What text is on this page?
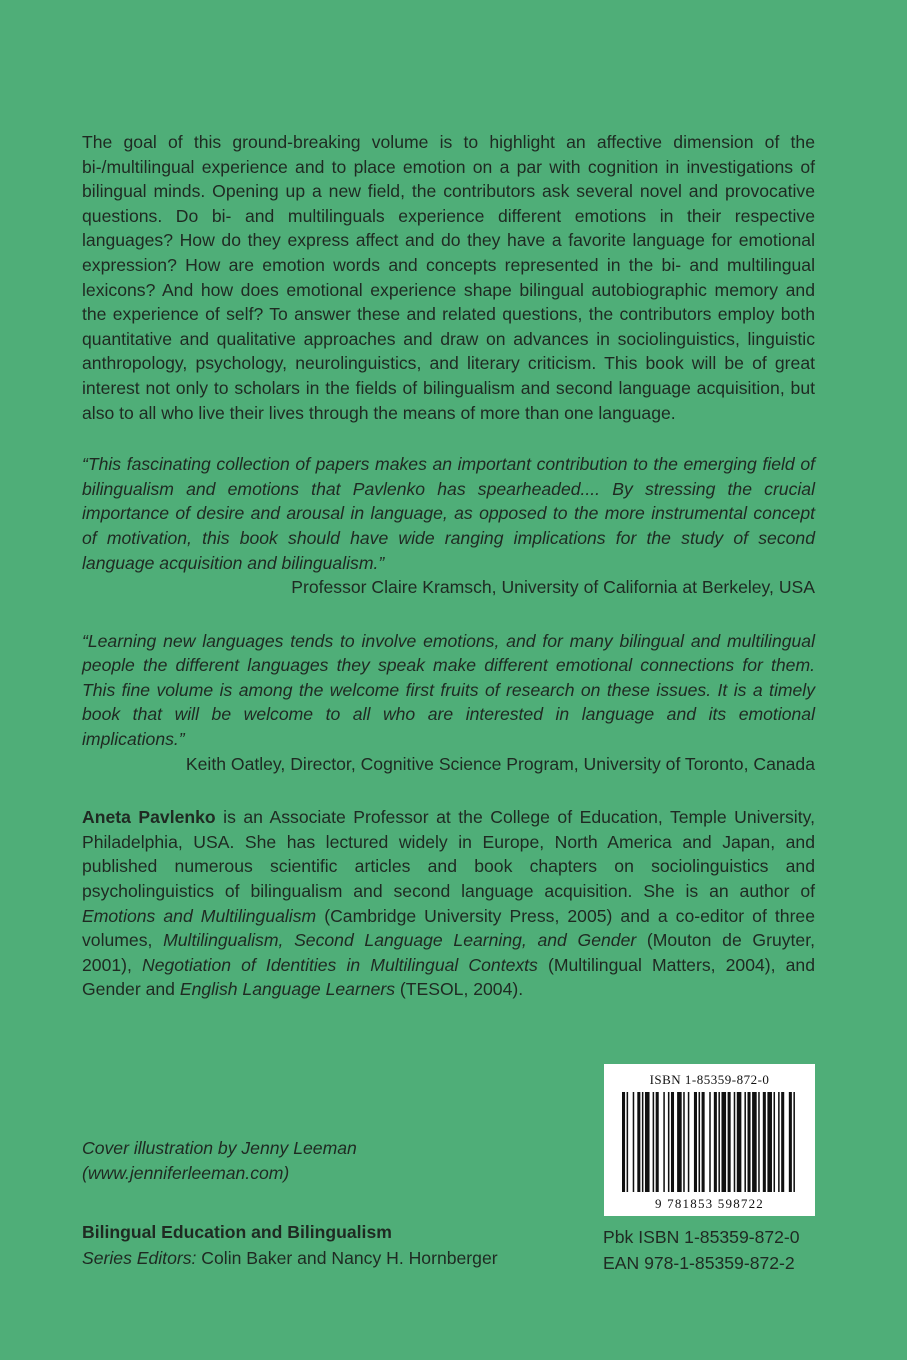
The goal of this ground-breaking volume is to highlight an affective dimension of the bi-/multilingual experience and to place emotion on a par with cognition in investigations of bilingual minds. Opening up a new field, the contributors ask several novel and provocative questions. Do bi- and multilinguals experience different emotions in their respective languages? How do they express affect and do they have a favorite language for emotional expression? How are emotion words and concepts represented in the bi- and multilingual lexicons? And how does emotional experience shape bilingual autobiographic memory and the experience of self? To answer these and related questions, the contributors employ both quantitative and qualitative approaches and draw on advances in sociolinguistics, linguistic anthropology, psychology, neurolinguistics, and literary criticism. This book will be of great interest not only to scholars in the fields of bilingualism and second language acquisition, but also to all who live their lives through the means of more than one language.

“This fascinating collection of papers makes an important contribution to the emerging field of bilingualism and emotions that Pavlenko has spearheaded.... By stressing the crucial importance of desire and arousal in language, as opposed to the more instrumental concept of motivation, this book should have wide ranging implications for the study of second language acquisition and bilingualism.”

Professor Claire Kramsch, University of California at Berkeley, USA

“Learning new languages tends to involve emotions, and for many bilingual and multilingual people the different languages they speak make different emotional connections for them. This fine volume is among the welcome first fruits of research on these issues. It is a timely book that will be welcome to all who are interested in language and its emotional implications.”

Keith Oatley, Director, Cognitive Science Program, University of Toronto, Canada

Aneta Pavlenko is an Associate Professor at the College of Education, Temple University, Philadelphia, USA. She has lectured widely in Europe, North America and Japan, and published numerous scientific articles and book chapters on sociolinguistics and psycholinguistics of bilingualism and second language acquisition. She is an author of Emotions and Multilingualism (Cambridge University Press, 2005) and a co-editor of three volumes, Multilingualism, Second Language Learning, and Gender (Mouton de Gruyter, 2001), Negotiation of Identities in Multilingual Contexts (Multilingual Matters, 2004), and Gender and English Language Learners (TESOL, 2004).

Cover illustration by Jenny Leeman

(www.jenniferleeman.com)

Bilingual Education and Bilingualism

Series Editors: Colin Baker and Nancy H. Hornberger

ISBN 1-85359-872-0
9 781853 598722

Pbk ISBN 1-85359-872-0

EAN 978-1-85359-872-2
